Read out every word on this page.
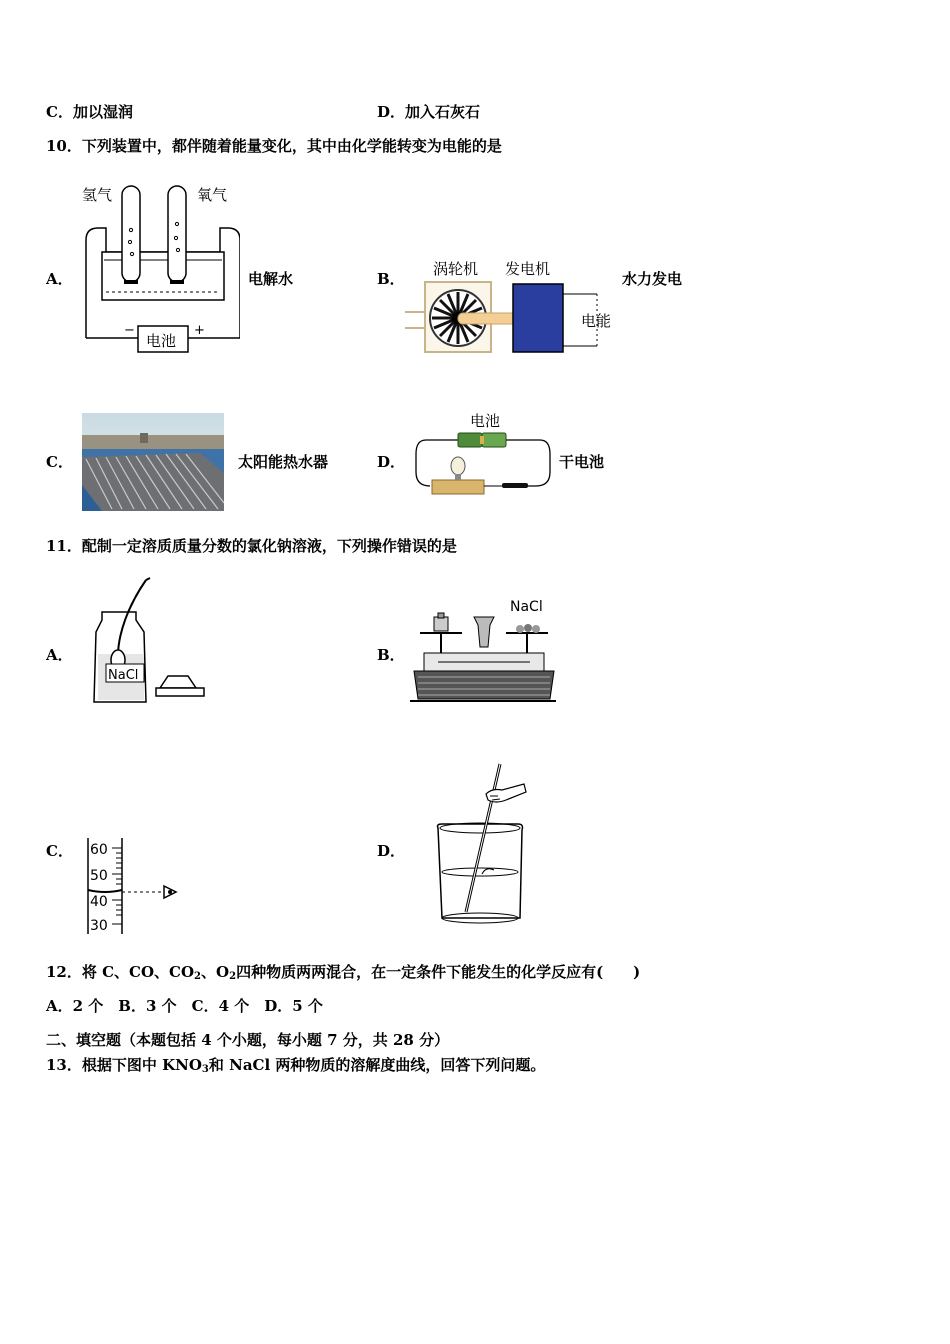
C．加以湿润	D．加入石灰石
10．下列装置中，都伴随着能量变化，其中由化学能转变为电能的是
A．
氢气	氧气
电池
−	+
电解水	B．
涡轮机 发电机
电能
水力发电
C．	太阳能热水器	D．
电池
干电池
11．配制一定溶质质量分数的氯化钠溶液，下列操作错误的是
A．
NaCl
B．
NaCl
C． 60
50
40
30
D．
12．将 C、CO、$CO_2$、$O_2$四种物质两两混合，在一定条件下能发生的化学反应有(　　)
A．2 个　B．3 个　C．4 个　D．5 个
二、填空题（本题包括 4 个小题，每小题 7 分，共 28 分）
13．根据下图中 $KNO_3$和 NaCl 两种物质的溶解度曲线，回答下列问题。
